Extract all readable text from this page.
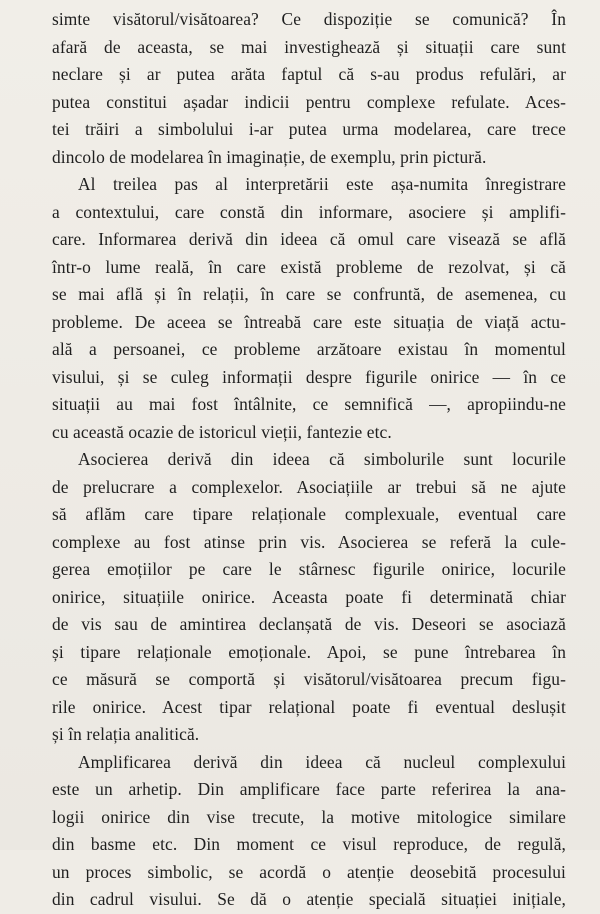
simte visătorul/visătoarea? Ce dispoziție se comunică? În
afară de aceasta, se mai investighează și situații care sunt
neclare și ar putea arăta faptul că s-au produs refulări, ar
putea constitui așadar indicii pentru complexe refulate. Aces-
tei trăiri a simbolului i-ar putea urma modelarea, care trece
dincolo de modelarea în imaginație, de exemplu, prin pictură.
Al treilea pas al interpretării este așa-numita înregistrare
a contextului, care constă din informare, asociere și amplifi-
care. Informarea derivă din ideea că omul care visează se află
într-o lume reală, în care există probleme de rezolvat, și că
se mai află și în relații, în care se confruntă, de asemenea, cu
probleme. De aceea se întreabă care este situația de viață actu-
ală a persoanei, ce probleme arzătoare existau în momentul
visului, și se culeg informații despre figurile onirice — în ce
situații au mai fost întâlnite, ce semnifică —, apropiindu-ne
cu această ocazie de istoricul vieții, fantezie etc.
Asocierea derivă din ideea că simbolurile sunt locurile
de prelucrare a complexelor. Asociațiile ar trebui să ne ajute
să aflăm care tipare relaționale complexuale, eventual care
complexe au fost atinse prin vis. Asocierea se referă la cule-
gerea emoțiilor pe care le stârnesc figurile onirice, locurile
onirice, situațiile onirice. Aceasta poate fi determinată chiar
de vis sau de amintirea declanșată de vis. Deseori se asociază
și tipare relaționale emoționale. Apoi, se pune întrebarea în
ce măsură se comportă și visătorul/visătoarea precum figu-
rile onirice. Acest tipar relațional poate fi eventual deslușit
și în relația analitică.
Amplificarea derivă din ideea că nucleul complexului
este un arhetip. Din amplificare face parte referirea la ana-
logii onirice din vise trecute, la motive mitologice similare
din basme etc. Din moment ce visul reproduce, de regulă,
un proces simbolic, se acordă o atenție deosebită procesului
din cadrul visului. Se dă o atenție specială situației inițiale,
